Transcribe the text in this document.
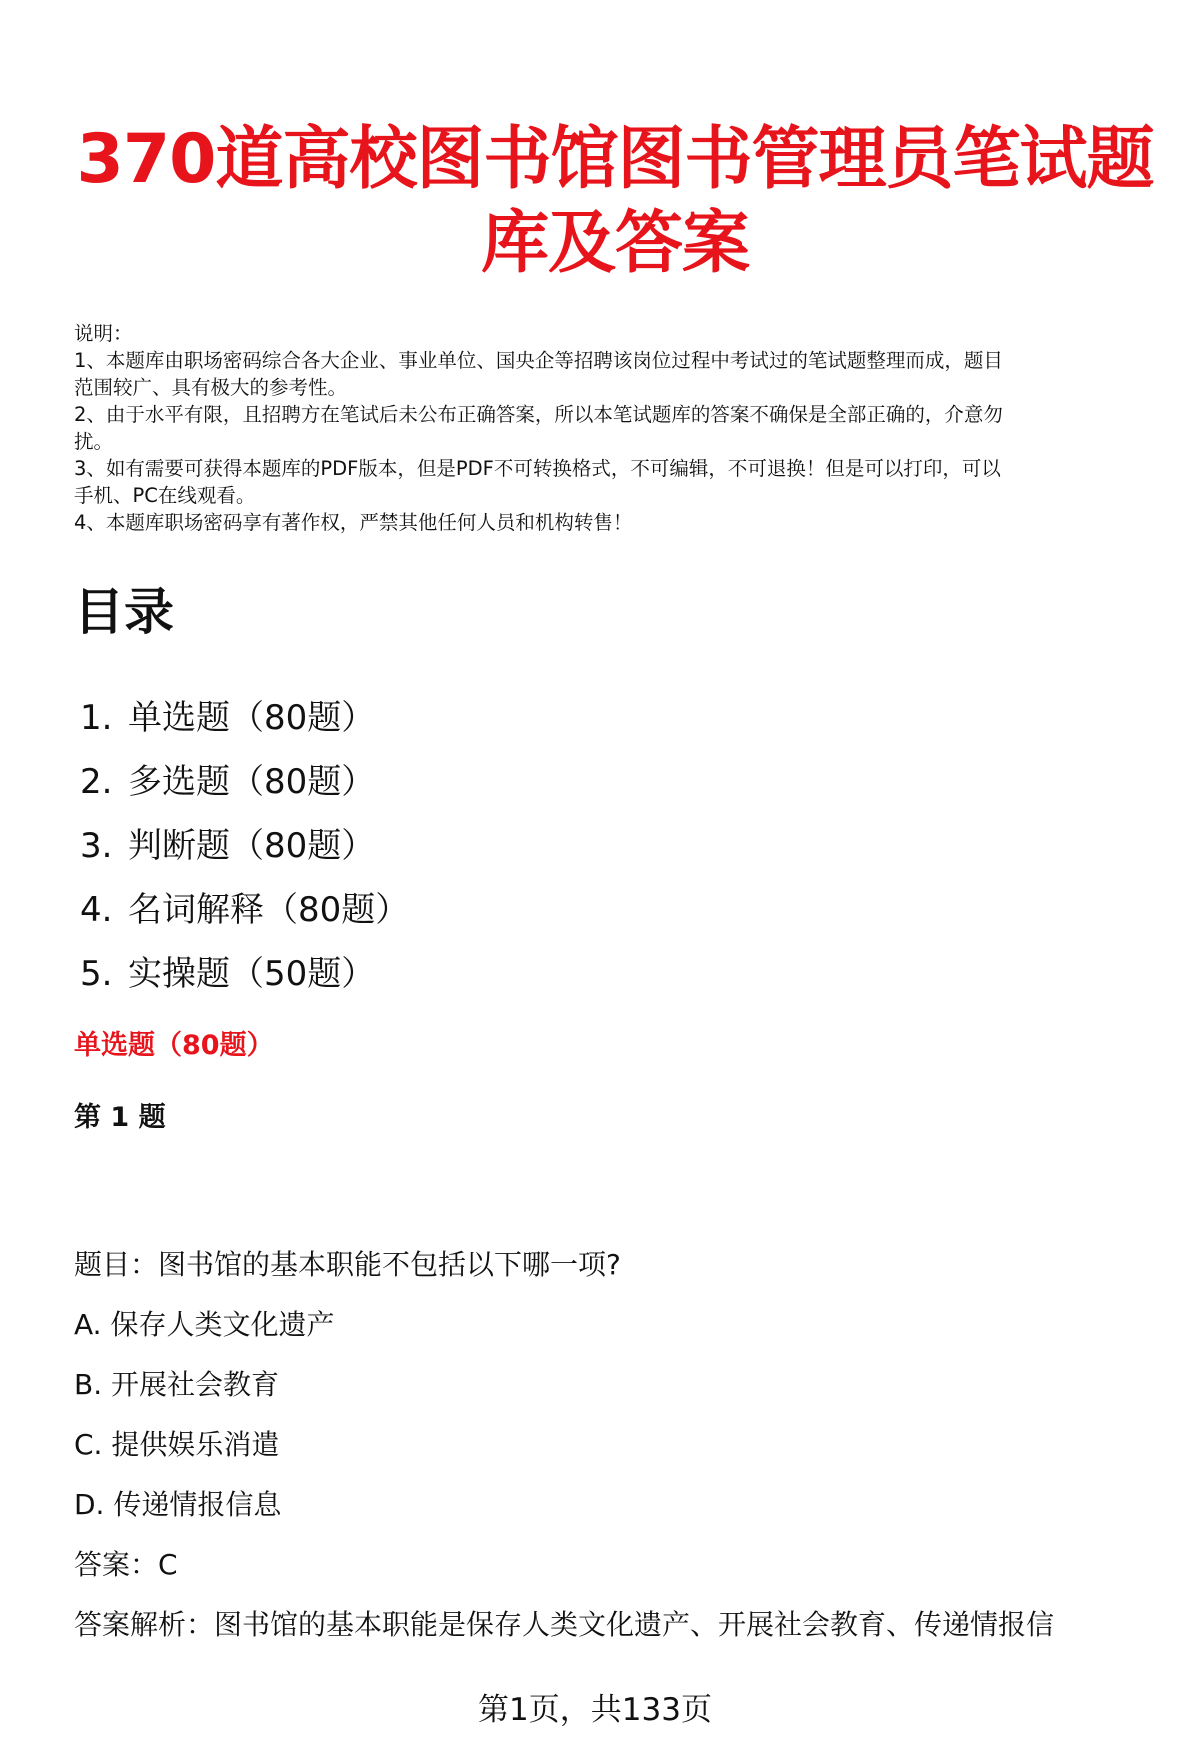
370道高校图书馆图书管理员笔试题
库及答案
说明：
1、本题库由职场密码综合各大企业、事业单位、国央企等招聘该岗位过程中考试过的笔试题整理而成，题目
范围较广、具有极大的参考性。
2、由于水平有限，且招聘方在笔试后未公布正确答案，所以本笔试题库的答案不确保是全部正确的，介意勿
扰。
3、如有需要可获得本题库的PDF版本，但是PDF不可转换格式，不可编辑，不可退换！但是可以打印，可以
手机、PC在线观看。
4、本题库职场密码享有著作权，严禁其他任何人员和机构转售！
目录
1. 单选题（80题）
2. 多选题（80题）
3. 判断题（80题）
4. 名词解释（80题）
5. 实操题（50题）
单选题（80题）
第 1 题
题目：图书馆的基本职能不包括以下哪一项?
A. 保存人类文化遗产
B. 开展社会教育
C. 提供娱乐消遣
D. 传递情报信息
答案：C
答案解析：图书馆的基本职能是保存人类文化遗产、开展社会教育、传递情报信
第1页，共133页
